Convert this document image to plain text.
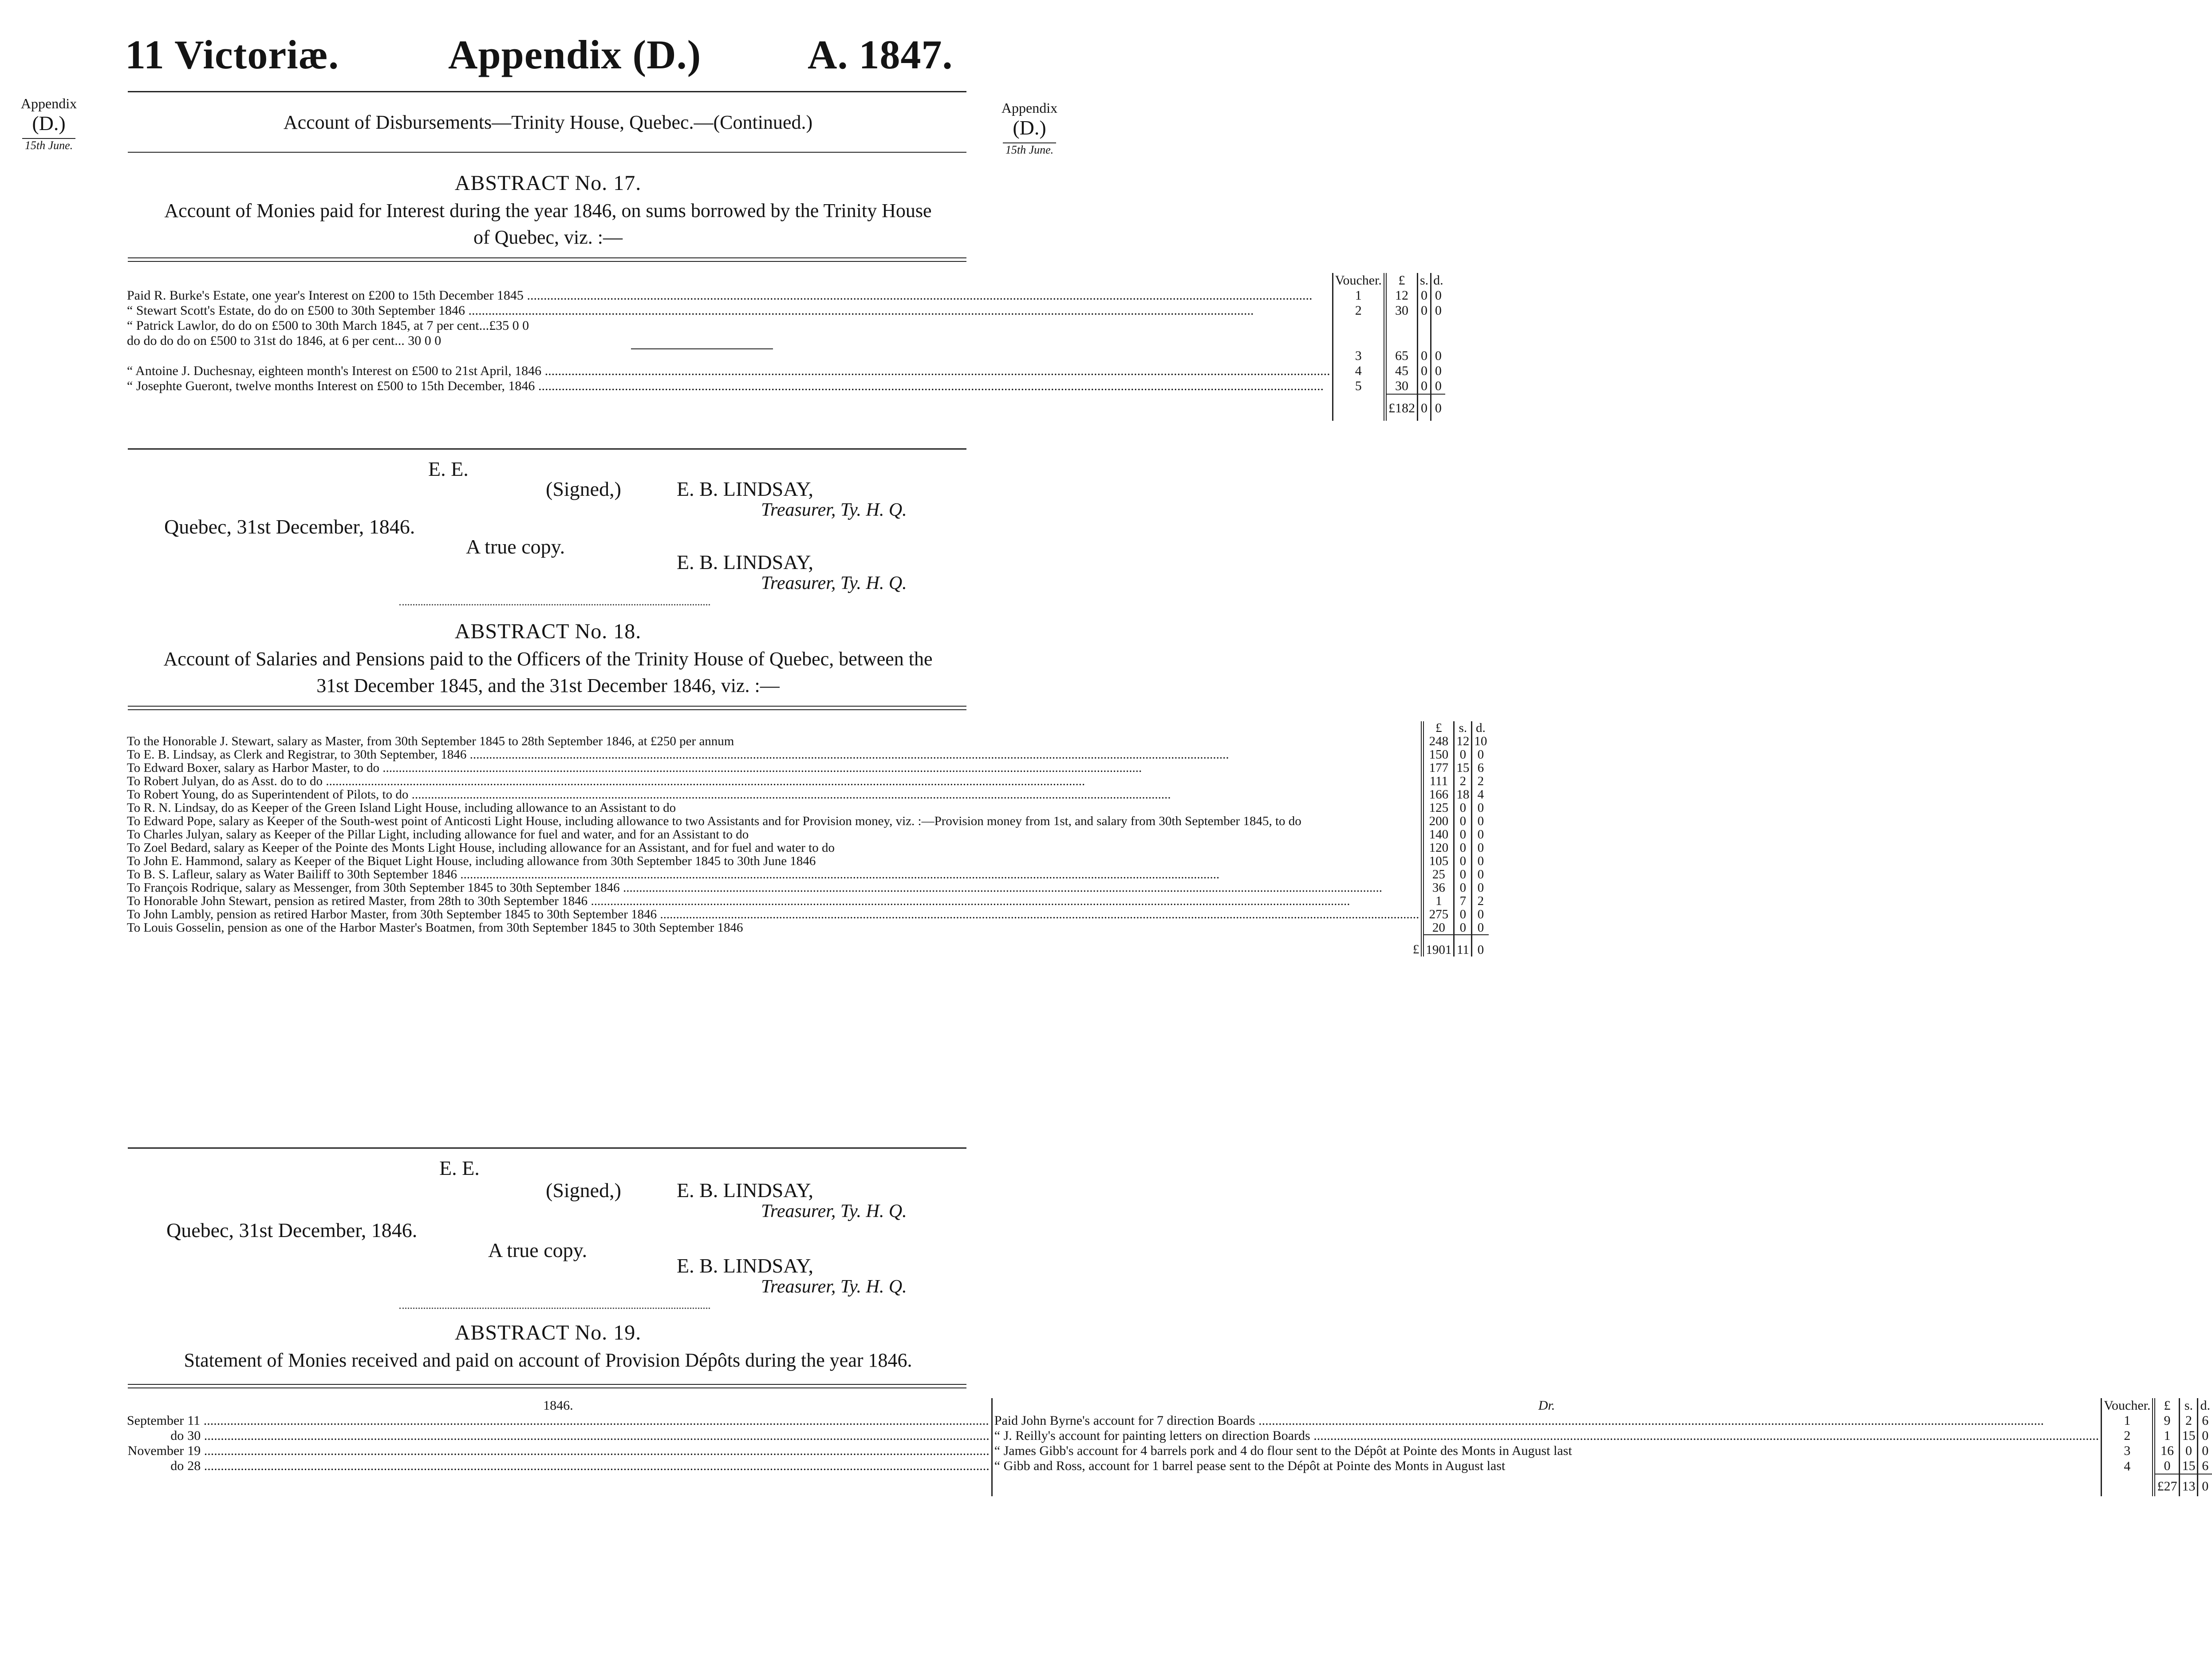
11 Victoriæ.	Appendix (D.)	A. 1847.
Appendix
(D.)
15th June.
Appendix
(D.)
15th June.
Account of Disbursements—Trinity House, Quebec.—(Continued.)
ABSTRACT No. 17.
Account of Monies paid for Interest during the year 1846, on sums borrowed by the Trinity House
of Quebec, viz. :—
	Voucher.	£	s.	d.
Paid R. Burke's Estate, one year's Interest on £200 to 15th December 1845 .....	1	12	0	0
“ Stewart Scott's Estate, do do on £500 to 30th September 1846 .....	2	30	0	0
“ Patrick Lawlor, do do on £500 to 30th March 1845, at 7 per cent...£35 0 0				
do do do do on £500 to 31st do 1846, at 6 per cent... 30 0 0				

	3	65	0	0
“ Antoine J. Duchesnay, eighteen month's Interest on £500 to 21st April, 1846 .....	4	45	0	0
“ Josephte Gueront, twelve months Interest on £500 to 15th December, 1846 .....	5	30	0	0
		£182	0	0
E. E.
(Signed,)	E. B. LINDSAY,
Treasurer, Ty. H. Q.
Quebec, 31st December, 1846.
A true copy.
E. B. LINDSAY,
Treasurer, Ty. H. Q.
ABSTRACT No. 18.
Account of Salaries and Pensions paid to the Officers of the Trinity House of Quebec, between the
31st December 1845, and the 31st December 1846, viz. :—
	£	s.	d.
To the Honorable J. Stewart, salary as Master, from 30th September 1845 to 28th September 1846, at £250 per annum	248	12	10
To E. B. Lindsay, as Clerk and Registrar, to 30th September, 1846 .....	150	0	0
To Edward Boxer, salary as Harbor Master, to do .....	177	15	6
To Robert Julyan, do as Asst. do to do .....	111	2	2
To Robert Young, do as Superintendent of Pilots, to do .....	166	18	4
To R. N. Lindsay, do as Keeper of the Green Island Light House, including allowance to an Assistant to do	125	0	0
To Edward Pope, salary as Keeper of the South-west point of Anticosti Light House, including allowance to two Assistants and for Provision money, viz. :—Provision money from 1st, and salary from 30th September 1845, to do	200	0	0
To Charles Julyan, salary as Keeper of the Pillar Light, including allowance for fuel and water, and for an Assistant to do	140	0	0
To Zoel Bedard, salary as Keeper of the Pointe des Monts Light House, including allowance for an Assistant, and for fuel and water to do	120	0	0
To John E. Hammond, salary as Keeper of the Biquet Light House, including allowance from 30th September 1845 to 30th June 1846	105	0	0
To B. S. Lafleur, salary as Water Bailiff to 30th September 1846 .....	25	0	0
To François Rodrique, salary as Messenger, from 30th September 1845 to 30th September 1846 .....	36	0	0
To Honorable John Stewart, pension as retired Master, from 28th to 30th September 1846 .....	1	7	2
To John Lambly, pension as retired Harbor Master, from 30th September 1845 to 30th September 1846 .....	275	0	0
To Louis Gosselin, pension as one of the Harbor Master's Boatmen, from 30th September 1845 to 30th September 1846	20	0	0
£	1901	11	0
E. E.
(Signed,)	E. B. LINDSAY,
Treasurer, Ty. H. Q.
Quebec, 31st December, 1846.
A true copy.
E. B. LINDSAY,
Treasurer, Ty. H. Q.
ABSTRACT No. 19.
Statement of Monies received and paid on account of Provision Dépôts during the year 1846.
1846.		Dr.	Voucher.	£	s.	d.
September	11 .....	Paid John Byrne's account for 7 direction Boards .....	1	9	2	6
do	30 .....	“ J. Reilly's account for painting letters on direction Boards .....	2	1	15	0
November	19 .....	“ James Gibb's account for 4 barrels pork and 4 do flour sent to the Dépôt at Pointe des Monts in August last	3	16	0	0
do	28 .....	“ Gibb and Ross, account for 1 barrel pease sent to the Dépôt at Pointe des Monts in August last	4	0	15	6
				£27	13	0
